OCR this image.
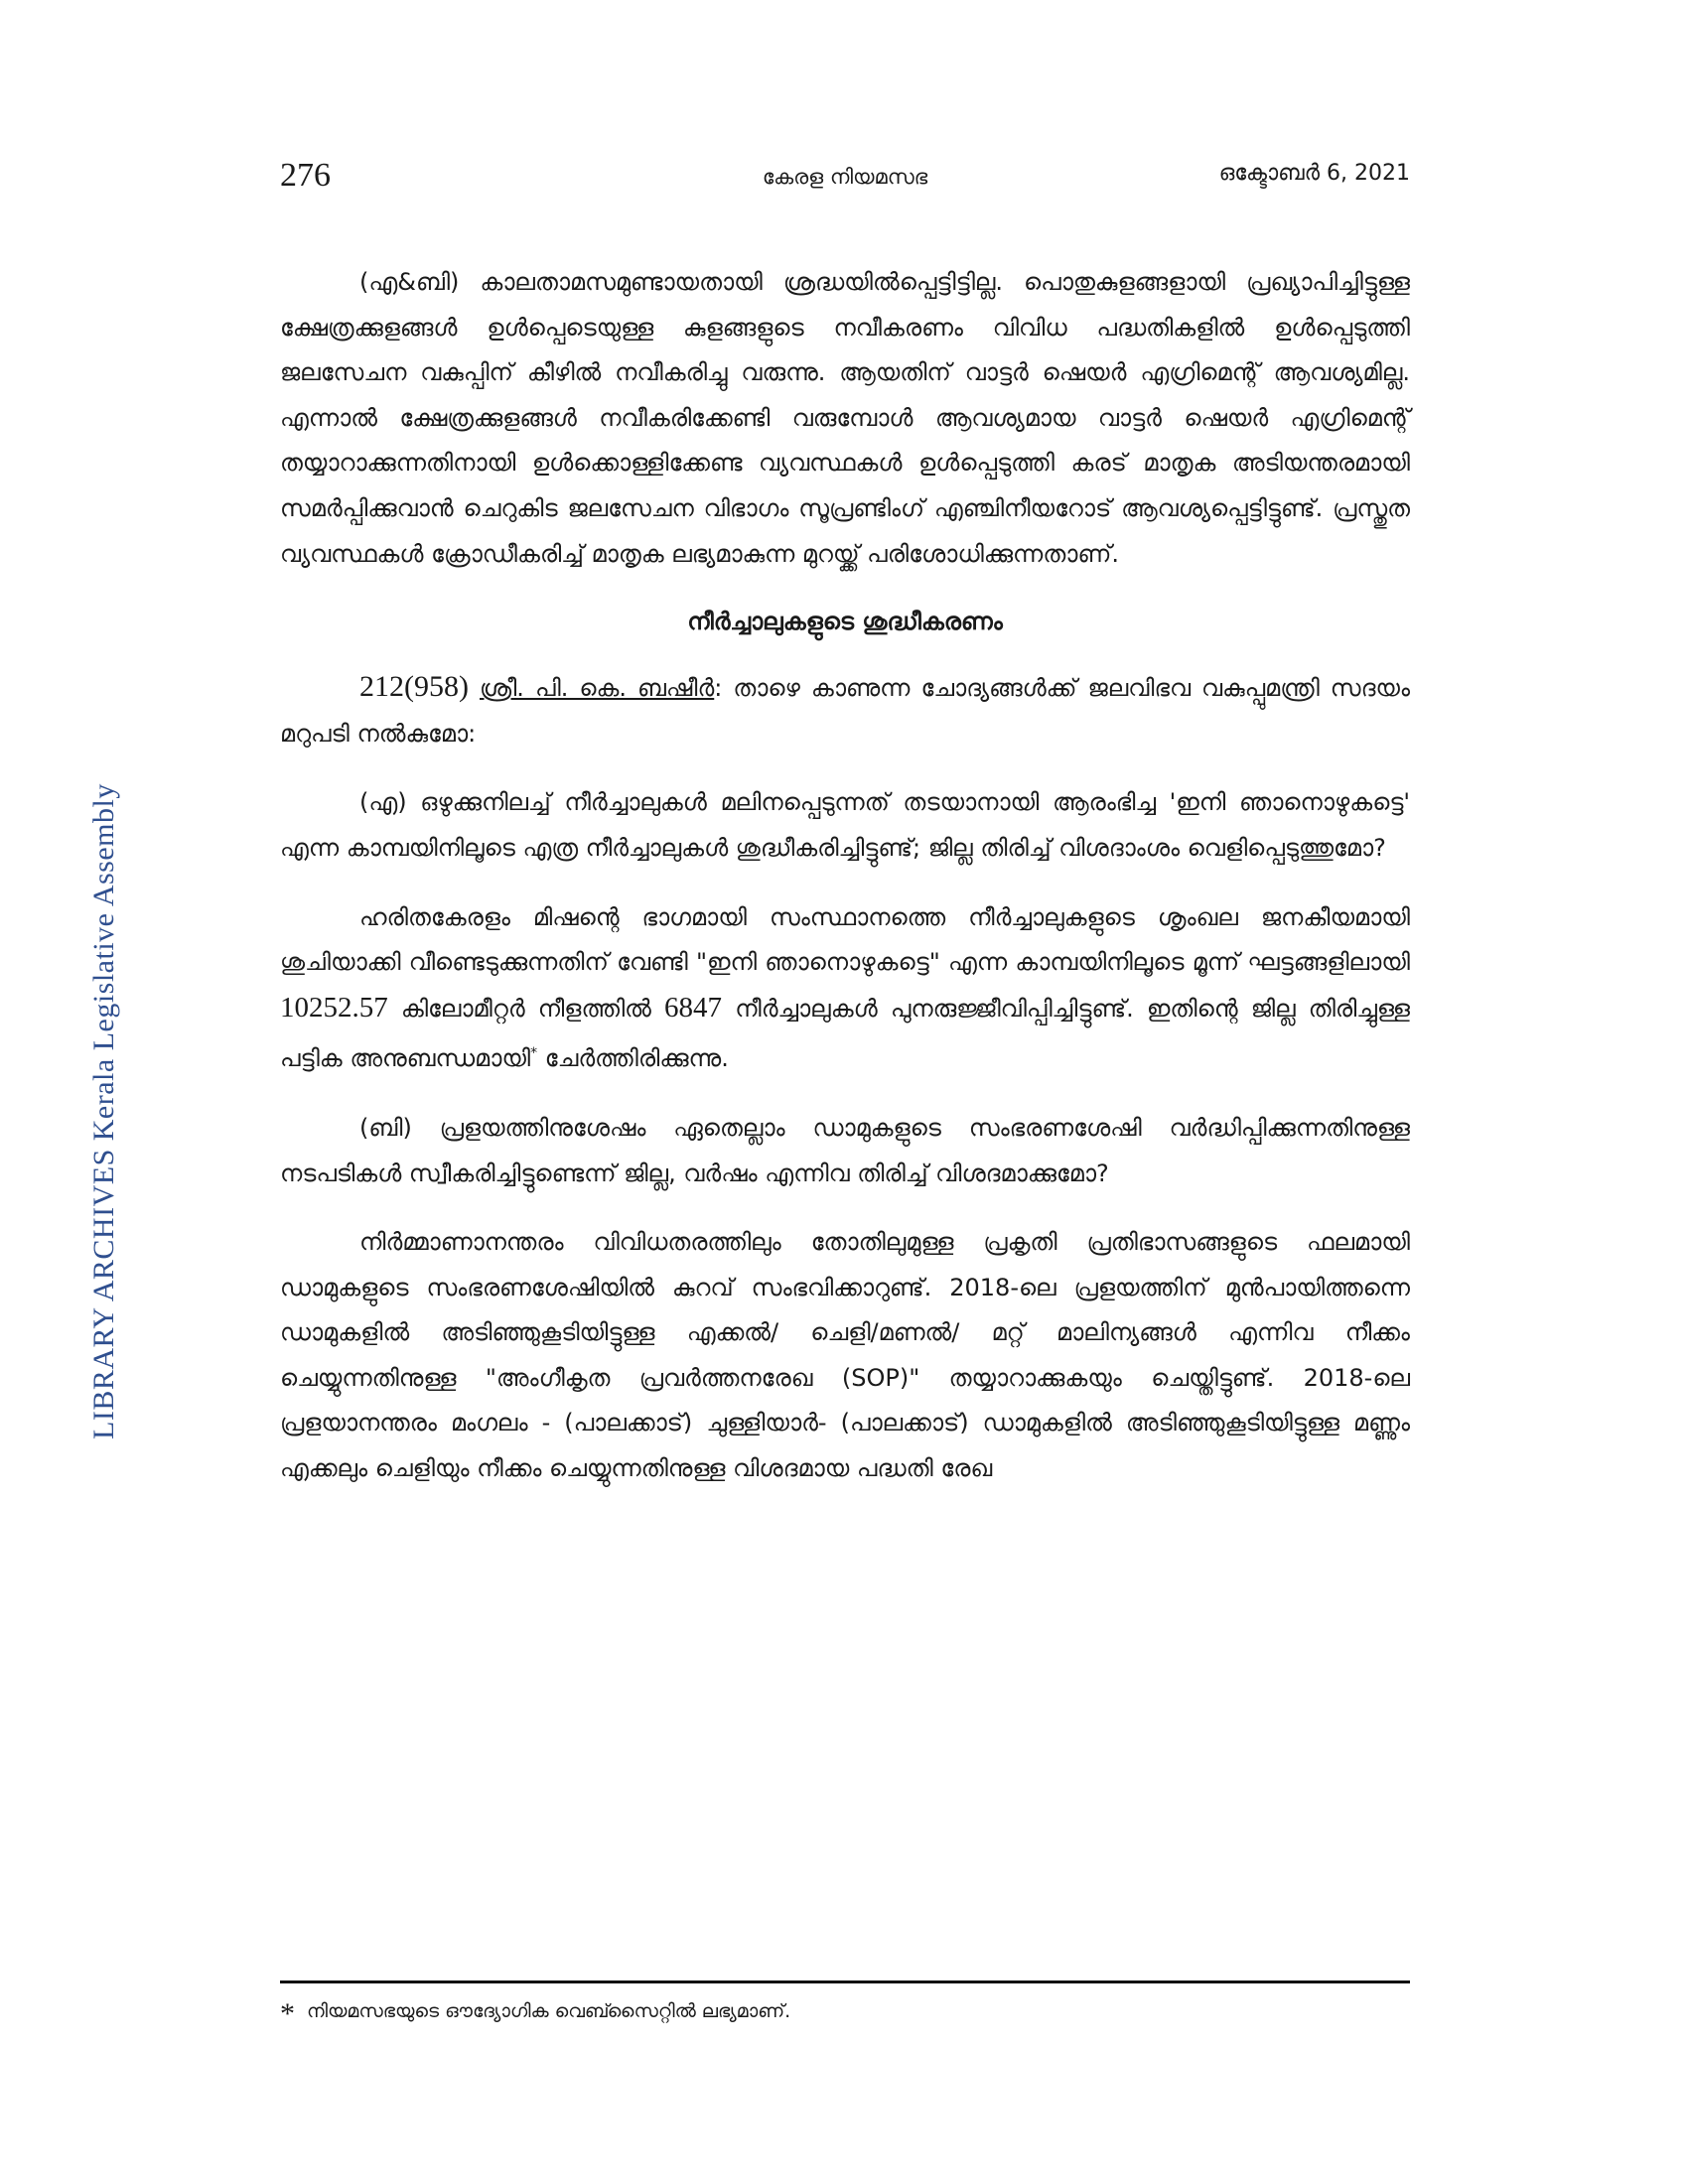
LIBRARY ARCHIVES Kerala Legislative Assembly
276	കേരള നിയമസഭ	ഒക്ടോബർ 6, 2021

(എ&ബി) കാലതാമസമുണ്ടായതായി ശ്രദ്ധയിൽപ്പെട്ടിട്ടില്ല. പൊതുകുളങ്ങളായി പ്രഖ്യാപിച്ചിട്ടുള്ള ക്ഷേത്രക്കുളങ്ങൾ ഉൾപ്പെടെയുള്ള കുളങ്ങളുടെ നവീകരണം വിവിധ പദ്ധതികളിൽ ഉൾപ്പെടുത്തി ജലസേചന വകുപ്പിന് കീഴിൽ നവീകരിച്ചു വരുന്നു. ആയതിന് വാട്ടർ ഷെയർ എഗ്രിമെന്റ് ആവശ്യമില്ല. എന്നാൽ ക്ഷേത്രക്കുളങ്ങൾ നവീകരിക്കേണ്ടി വരുമ്പോൾ ആവശ്യമായ വാട്ടർ ഷെയർ എഗ്രിമെന്റ് തയ്യാറാക്കുന്നതിനായി ഉൾക്കൊള്ളിക്കേണ്ട വ്യവസ്ഥകൾ ഉൾപ്പെടുത്തി കരട് മാതൃക അടിയന്തരമായി സമർപ്പിക്കുവാൻ ചെറുകിട ജലസേചന വിഭാഗം സൂപ്രണ്ടിംഗ് എഞ്ചിനീയറോട് ആവശ്യപ്പെട്ടിട്ടുണ്ട്. പ്രസ്തുത വ്യവസ്ഥകൾ ക്രോഡീകരിച്ച് മാതൃക ലഭ്യമാകുന്ന മുറയ്ക്ക് പരിശോധിക്കുന്നതാണ്.

നീർച്ചാലുകളുടെ ശുദ്ധീകരണം

212(958) ശ്രീ. പി. കെ. ബഷീർ: താഴെ കാണുന്ന ചോദ്യങ്ങൾക്ക് ജലവിഭവ വകുപ്പുമന്ത്രി സദയം മറുപടി നൽകുമോ:

(എ) ഒഴുക്കുനിലച്ച് നീർച്ചാലുകൾ മലിനപ്പെടുന്നത് തടയാനായി ആരംഭിച്ച 'ഇനി ഞാനൊഴുകട്ടെ' എന്ന കാമ്പയിനിലൂടെ എത്ര നീർച്ചാലുകൾ ശുദ്ധീകരിച്ചിട്ടുണ്ട്; ജില്ല തിരിച്ച് വിശദാംശം വെളിപ്പെടുത്തുമോ?

ഹരിതകേരളം മിഷന്റെ ഭാഗമായി സംസ്ഥാനത്തെ നീർച്ചാലുകളുടെ ശൃംഖല ജനകീയമായി ശുചിയാക്കി വീണ്ടെടുക്കുന്നതിന് വേണ്ടി "ഇനി ഞാനൊഴുകട്ടെ" എന്ന കാമ്പയിനിലൂടെ മൂന്ന് ഘട്ടങ്ങളിലായി 10252.57 കിലോമീറ്റർ നീളത്തിൽ 6847 നീർച്ചാലുകൾ പുനരുജ്ജീവിപ്പിച്ചിട്ടുണ്ട്. ഇതിന്റെ ജില്ല തിരിച്ചുള്ള പട്ടിക അനുബന്ധമായി* ചേർത്തിരിക്കുന്നു.

(ബി) പ്രളയത്തിനുശേഷം ഏതെല്ലാം ഡാമുകളുടെ സംഭരണശേഷി വർദ്ധിപ്പിക്കുന്നതിനുള്ള നടപടികൾ സ്വീകരിച്ചിട്ടുണ്ടെന്ന് ജില്ല, വർഷം എന്നിവ തിരിച്ച് വിശദമാക്കുമോ?

നിർമ്മാണാനന്തരം വിവിധതരത്തിലും തോതിലുമുള്ള പ്രകൃതി പ്രതിഭാസങ്ങളുടെ ഫലമായി ഡാമുകളുടെ സംഭരണശേഷിയിൽ കുറവ് സംഭവിക്കാറുണ്ട്. 2018-ലെ പ്രളയത്തിന് മുൻപായിത്തന്നെ ഡാമുകളിൽ അടിഞ്ഞുകൂടിയിട്ടുള്ള എക്കൽ/ ചെളി/മണൽ/ മറ്റ് മാലിന്യങ്ങൾ എന്നിവ നീക്കം ചെയ്യുന്നതിനുള്ള "അംഗീകൃത പ്രവർത്തനരേഖ (SOP)" തയ്യാറാക്കുകയും ചെയ്തിട്ടുണ്ട്. 2018-ലെ പ്രളയാനന്തരം മംഗലം - (പാലക്കാട്) ചുള്ളിയാർ- (പാലക്കാട്) ഡാമുകളിൽ അടിഞ്ഞുകൂടിയിട്ടുള്ള മണ്ണും എക്കലും ചെളിയും നീക്കം ചെയ്യുന്നതിനുള്ള വിശദമായ പദ്ധതി രേഖ

* നിയമസഭയുടെ ഔദ്യോഗിക വെബ്സൈറ്റിൽ ലഭ്യമാണ്.
